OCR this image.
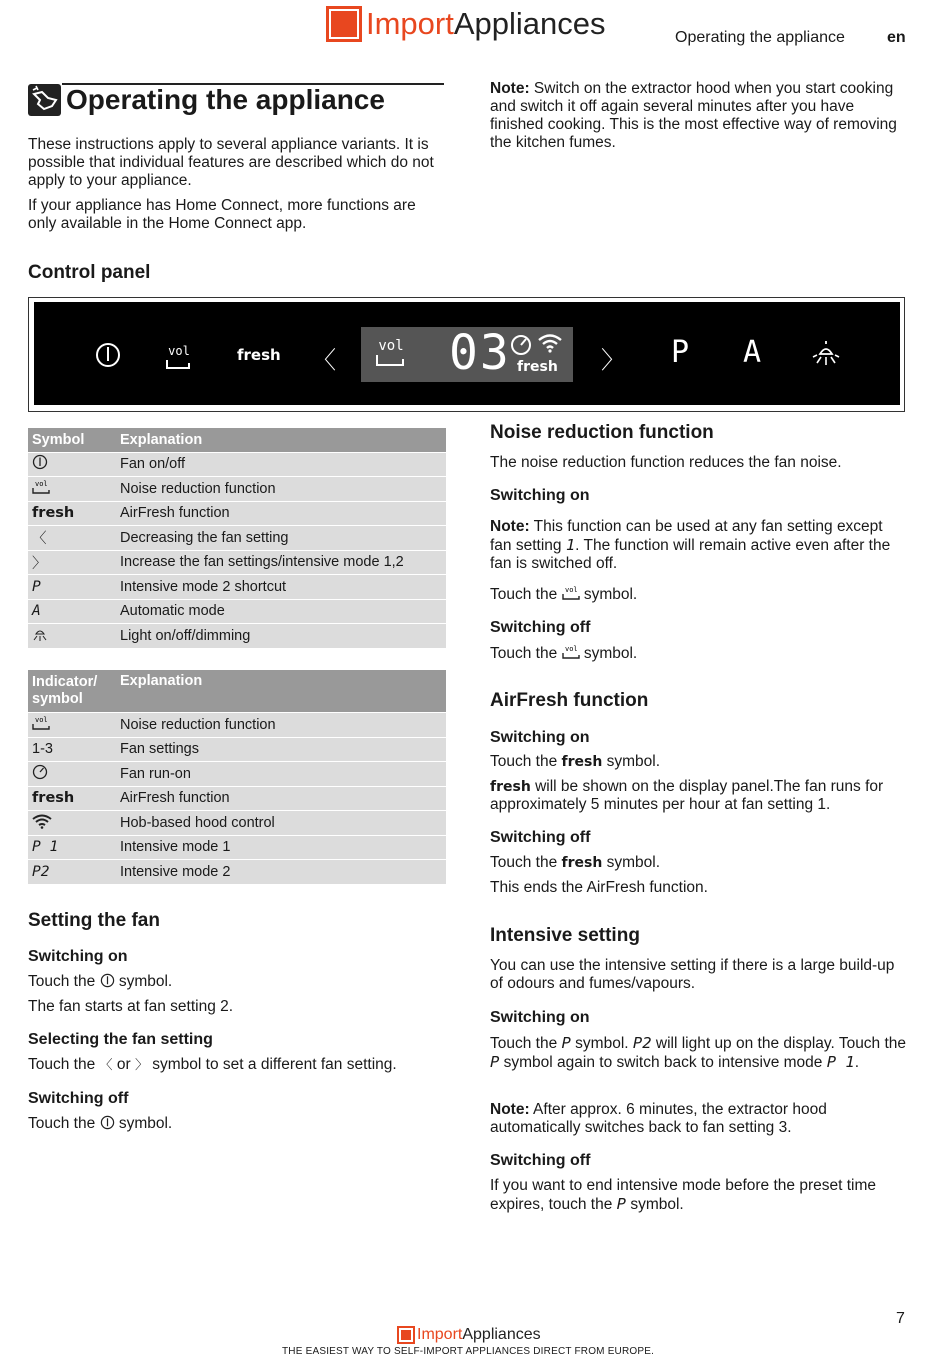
Import Appliances	Operating the appliance	en
Operating the appliance
These instructions apply to several appliance variants. It is possible that individual features are described which do not apply to your appliance.
If your appliance has Home Connect, more functions are only available in the Home Connect app.
Note: Switch on the extractor hood when you start cooking and switch it off again several minutes after you have finished cooking. This is the most effective way of removing the kitchen fumes.
Control panel
vol	fresh 〈
vol 03 fresh 〉 P A
Symbol	Explanation
	Fan on/off

vol	Noise reduction function
fresh	AirFresh function
〈	Decreasing the fan setting
〉	Increase the fan settings/intensive mode 1,2
P	Intensive mode 2 shortcut
A	Automatic mode
	Light on/off/dimming
Indicator/ symbol	Explanation

vol	Noise reduction function
1-3	Fan settings
	Fan run-on
fresh	AirFresh function
	Hob-based hood control
P 1	Intensive mode 1
P2	Intensive mode 2
Setting the fan
Switching on
Touch the  symbol.
The fan starts at fan setting 2.
Selecting the fan setting
Touch the 〈 or 〉 symbol to set a different fan setting.
Switching off
Touch the  symbol.
Noise reduction function
The noise reduction function reduces the fan noise.
Switching on
Note: This function can be used at any fan setting except fan setting 1. The function will remain active even after the fan is switched off.
Touch the vol symbol.
Switching off
Touch the vol symbol.
AirFresh function
Switching on
Touch the fresh symbol.
fresh will be shown on the display panel.The fan runs for approximately 5 minutes per hour at fan setting 1.
Switching off
Touch the fresh symbol.
This ends the AirFresh function.
Intensive setting
You can use the intensive setting if there is a large build-up of odours and fumes/vapours.
Switching on
Touch the P symbol. P2 will light up on the display. Touch the P symbol again to switch back to intensive mode P 1.
Note: After approx. 6 minutes, the extractor hood automatically switches back to fan setting 3.
Switching off
If you want to end intensive mode before the preset time expires, touch the P symbol.
7
Import Appliances
THE EASIEST WAY TO SELF-IMPORT APPLIANCES DIRECT FROM EUROPE.
